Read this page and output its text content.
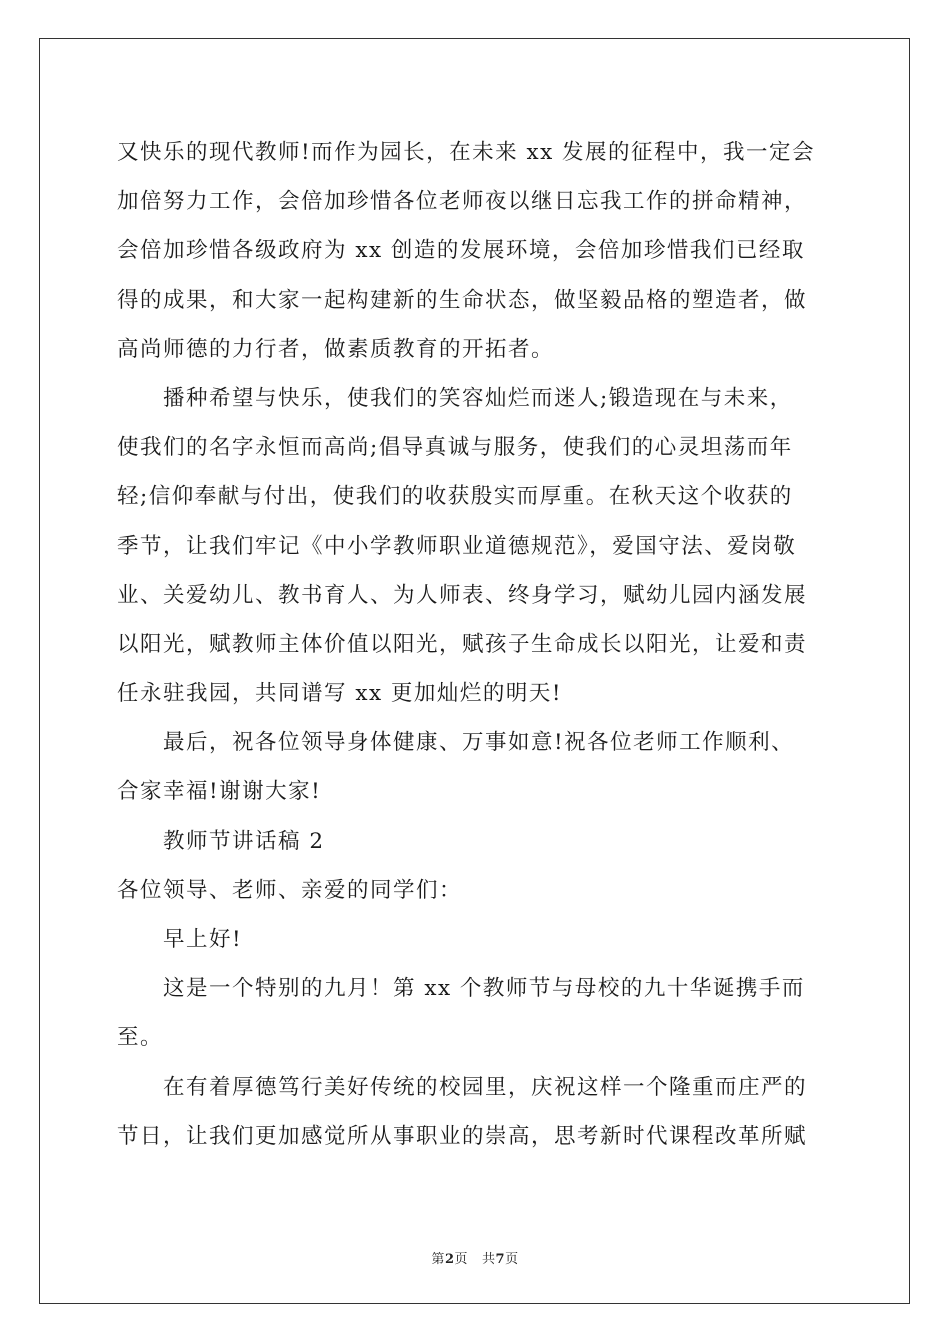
又快乐的现代教师!而作为园长，在未来 xx 发展的征程中，我一定会
加倍努力工作，会倍加珍惜各位老师夜以继日忘我工作的拼命精神，
会倍加珍惜各级政府为 xx 创造的发展环境，会倍加珍惜我们已经取
得的成果，和大家一起构建新的生命状态，做坚毅品格的塑造者，做
高尚师德的力行者，做素质教育的开拓者。
　　播种希望与快乐，使我们的笑容灿烂而迷人;锻造现在与未来，
使我们的名字永恒而高尚;倡导真诚与服务，使我们的心灵坦荡而年
轻;信仰奉献与付出，使我们的收获殷实而厚重。在秋天这个收获的
季节，让我们牢记《中小学教师职业道德规范》，爱国守法、爱岗敬
业、关爱幼儿、教书育人、为人师表、终身学习，赋幼儿园内涵发展
以阳光，赋教师主体价值以阳光，赋孩子生命成长以阳光，让爱和责
任永驻我园，共同谱写 xx 更加灿烂的明天!
　　最后，祝各位领导身体健康、万事如意!祝各位老师工作顺利、
合家幸福!谢谢大家!
　　教师节讲话稿 2
各位领导、老师、亲爱的同学们：
　　早上好!
　　这是一个特别的九月！第 xx 个教师节与母校的九十华诞携手而
至。
　　在有着厚德笃行美好传统的校园里，庆祝这样一个隆重而庄严的
节日，让我们更加感觉所从事职业的崇高，思考新时代课程改革所赋
第2页 共7页
